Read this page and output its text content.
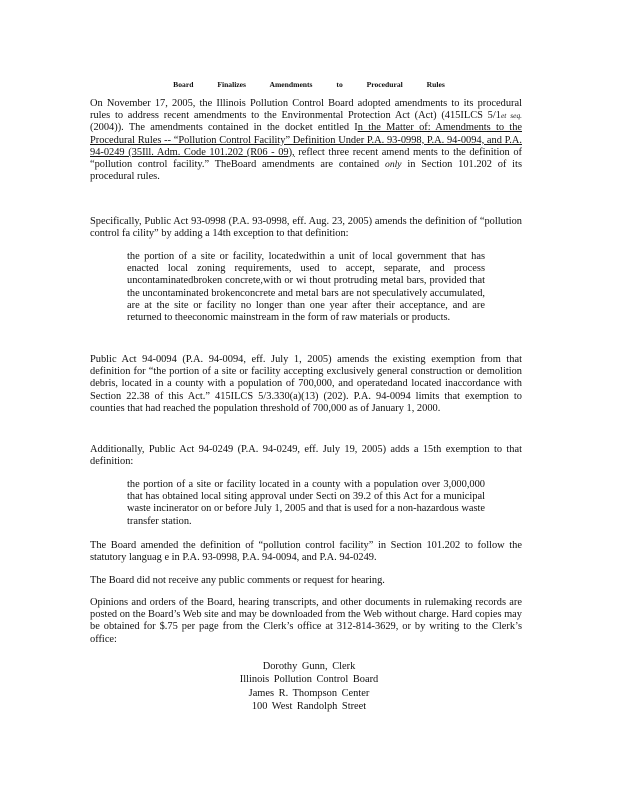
Board Finalizes Amendments to Procedural Rules

On November 17, 2005, the Illinois Pollution Control Board adopted amendments to its procedural rules to address recent amendments to the Environmental Protection Act (Act) (415ILCS 5/1et seq. (2004)). The amendments contained in the docket entitled In the Matter of: Amendments to the Procedural Rules -- “Pollution Control Facility” Definition Under P.A. 93-0998, P.A. 94-0094, and P.A. 94-0249 (35Ill. Adm. Code 101.202 (R06 - 09), reflect three recent amend ments to the definition of “pollution control facility.” TheBoard amendments are contained only in Section 101.202 of its procedural rules.

Specifically, Public Act 93-0998 (P.A. 93-0998, eff. Aug. 23, 2005) amends the definition of “pollution control fa cility” by adding a 14th exception to that definition:

the portion of a site or facility, locatedwithin a unit of local government that has enacted local zoning requirements, used to accept, separate, and process uncontaminatedbroken concrete,with or wi thout protruding metal bars, provided that the uncontaminated brokenconcrete and metal bars are not speculatively accumulated, are at the site or facility no longer than one year after their acceptance, and are returned to theeconomic mainstream in the form of raw materials or products.

Public Act 94-0094 (P.A. 94-0094, eff. July 1, 2005) amends the existing exemption from that definition for “the portion of a site or facility accepting exclusively general construction or demolition debris, located in a county with a population of 700,000, and operatedand located inaccordance with Section 22.38 of this Act.” 415ILCS 5/3.330(a)(13) (202). P.A. 94-0094 limits that exemption to counties that had reached the population threshold of 700,000 as of January 1, 2000.

Additionally, Public Act 94-0249 (P.A. 94-0249, eff. July 19, 2005) adds a 15th exemption to that definition:

the portion of a site or facility located in a county with a population over 3,000,000 that has obtained local siting approval under Secti on 39.2 of this Act for a municipal waste incinerator on or before July 1, 2005 and that is used for a non-hazardous waste transfer station.

The Board amended the definition of “pollution control facility” in Section 101.202 to follow the statutory languag e in P.A. 93-0998, P.A. 94-0094, and P.A. 94-0249.

The Board did not receive any public comments or request for hearing.

Opinions and orders of the Board, hearing transcripts, and other documents in rulemaking records are posted on the Board’s Web site and may be downloaded from the Web without charge. Hard copies may be obtained for $.75 per page from the Clerk’s office at 312-814-3629, or by writing to the Clerk’s office:

Dorothy Gunn, Clerk
Illinois Pollution Control Board
James R. Thompson Center
100 West Randolph Street
